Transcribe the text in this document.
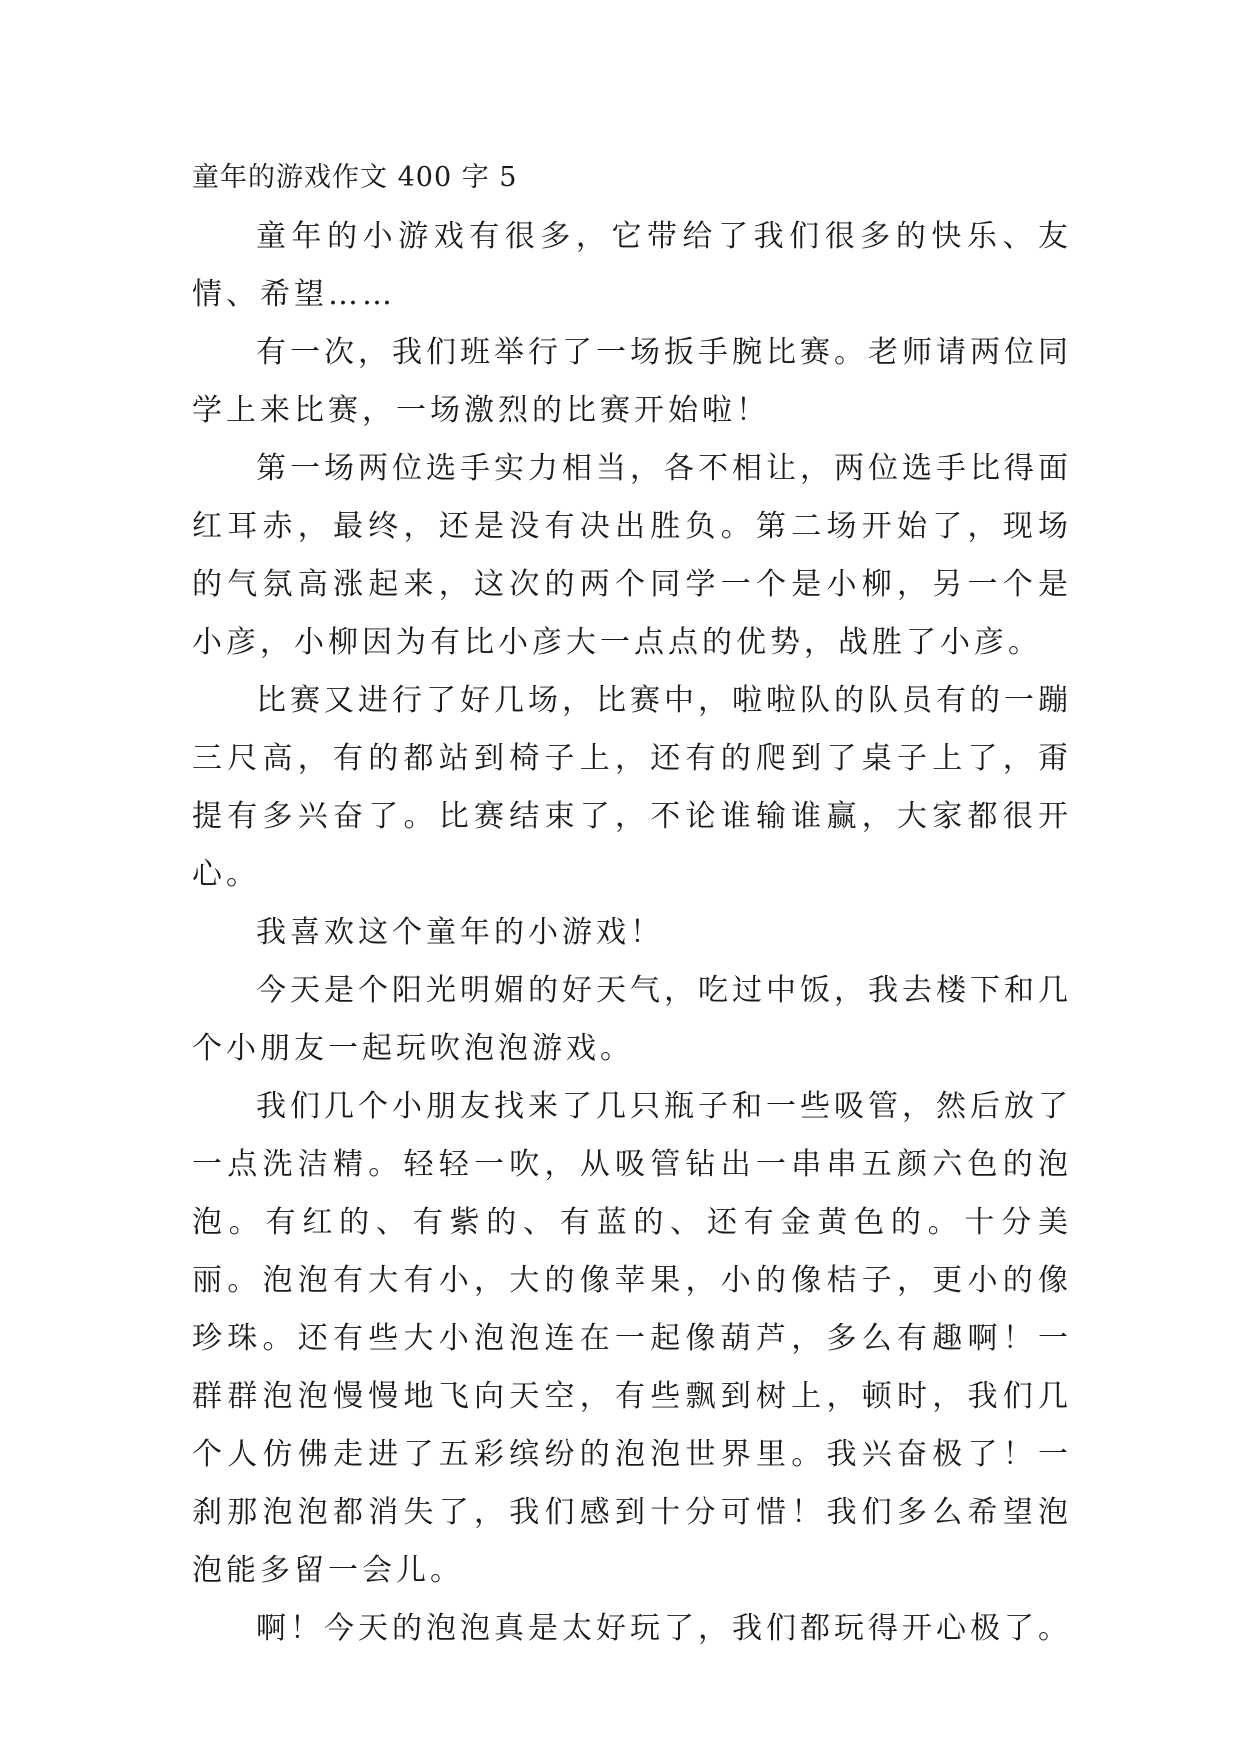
童年的游戏作文 400 字 5

童年的小游戏有很多，它带给了我们很多的快乐、友情、希望……

有一次，我们班举行了一场扳手腕比赛。老师请两位同学上来比赛，一场激烈的比赛开始啦！

第一场两位选手实力相当，各不相让，两位选手比得面红耳赤，最终，还是没有决出胜负。第二场开始了，现场的气氛高涨起来，这次的两个同学一个是小柳，另一个是小彦，小柳因为有比小彦大一点点的优势，战胜了小彦。

比赛又进行了好几场，比赛中，啦啦队的队员有的一蹦三尺高，有的都站到椅子上，还有的爬到了桌子上了，甭提有多兴奋了。比赛结束了，不论谁输谁赢，大家都很开心。

我喜欢这个童年的小游戏！

今天是个阳光明媚的好天气，吃过中饭，我去楼下和几个小朋友一起玩吹泡泡游戏。

我们几个小朋友找来了几只瓶子和一些吸管，然后放了一点洗洁精。轻轻一吹，从吸管钻出一串串五颜六色的泡泡。有红的、有紫的、有蓝的、还有金黄色的。十分美丽。泡泡有大有小，大的像苹果，小的像桔子，更小的像珍珠。还有些大小泡泡连在一起像葫芦，多么有趣啊！一群群泡泡慢慢地飞向天空，有些飘到树上，顿时，我们几个人仿佛走进了五彩缤纷的泡泡世界里。我兴奋极了！一刹那泡泡都消失了，我们感到十分可惜！我们多么希望泡泡能多留一会儿。

啊！今天的泡泡真是太好玩了，我们都玩得开心极了。
